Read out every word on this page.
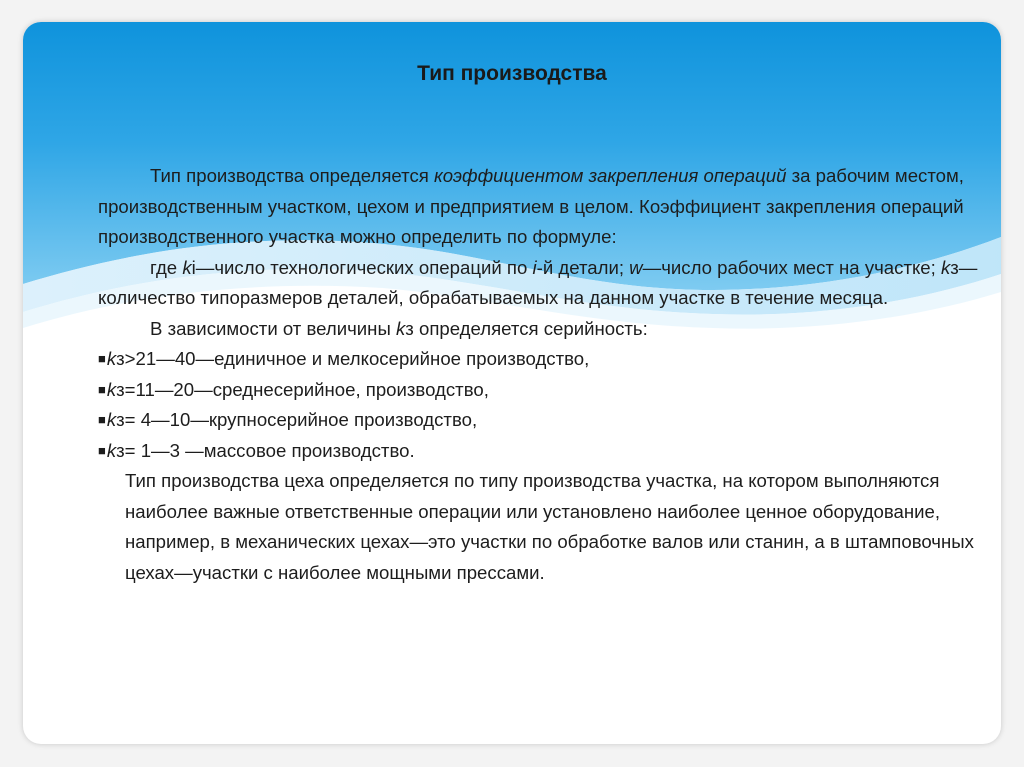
Тип производства

Тип производства определяется коэффициентом закрепления операций за рабочим местом, производственным участком, цехом и предприятием в целом. Коэффициент закрепления операций производственного участка можно определить по формуле:

где ki—число технологических операций по i-й детали; w—число рабочих мест на участке; kз— количество типоразмеров деталей, обрабатываемых на данном участке в течение месяца.

В зависимости от величины kз определяется серийность:

■kз>21—40—единичное и мелкосерийное производство,

■kз=11—20—среднесерийное, производство,

■kз= 4—10—крупносерийное производство,

■kз= 1—3 —массовое производство.

Тип производства цеха определяется по типу производства участка, на котором выполняются наиболее важные ответственные операции или установлено наиболее ценное оборудование, например, в механических цехах—это участки по обработке валов или станин, а в штамповочных цехах—участки с наиболее мощными прессами.
